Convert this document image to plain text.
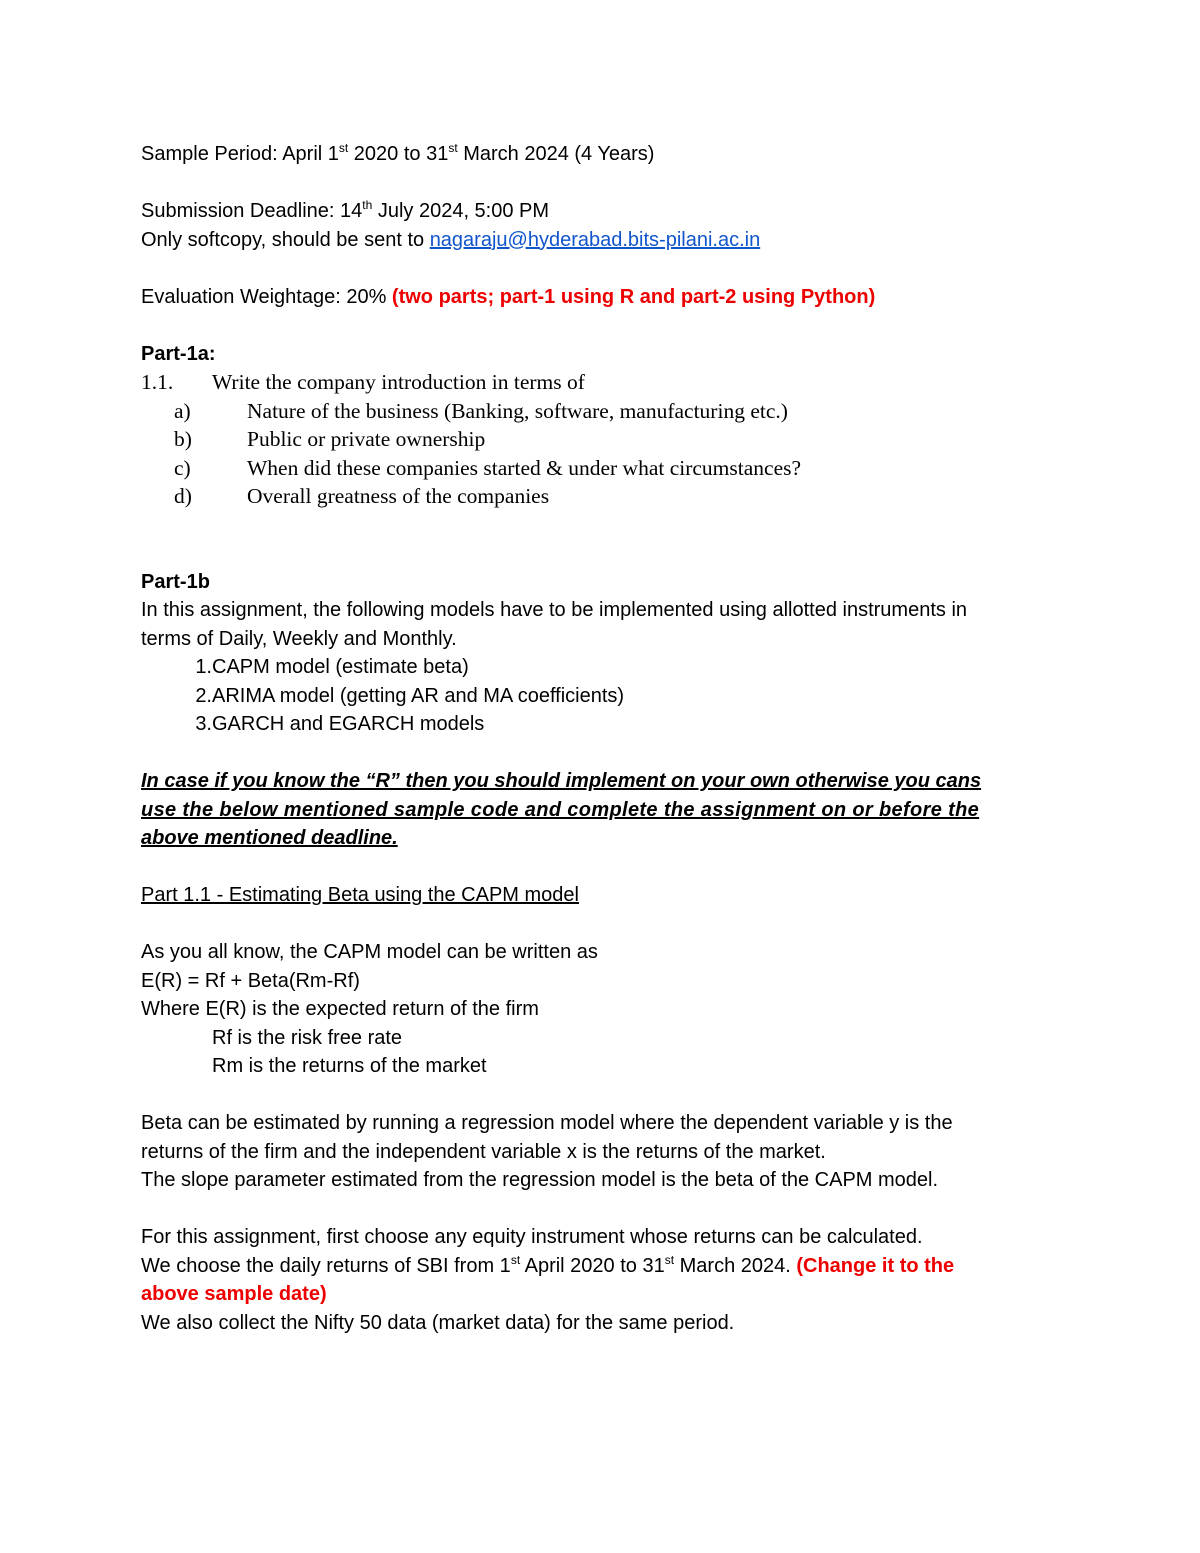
Sample Period: April 1st 2020 to 31st March 2024 (4 Years)

Submission Deadline: 14th July 2024, 5:00 PM

Only softcopy, should be sent to nagaraju@hyderabad.bits-pilani.ac.in

Evaluation Weightage: 20% (two parts; part-1 using R and part-2 using Python)

Part-1a:

1.1.	Write the company introduction in terms of
a)	Nature of the business (Banking, software, manufacturing etc.)
b)	Public or private ownership
c)	When did these companies started & under what circumstances?
d)	Overall greatness of the companies

Part-1b

In this assignment, the following models have to be implemented using allotted instruments in

terms of Daily, Weekly and Monthly.

1. CAPM model (estimate beta)
2. ARIMA model (getting AR and MA coefficients)
3. GARCH and EGARCH models

In case if you know the “R” then you should implement on your own otherwise you cans

use the below mentioned sample code and complete the assignment on or before the

above mentioned deadline.

Part 1.1 - Estimating Beta using the CAPM model

As you all know, the CAPM model can be written as

E(R) = Rf + Beta(Rm-Rf)

Where E(R) is the expected return of the firm

Rf is the risk free rate

Rm is the returns of the market

Beta can be estimated by running a regression model where the dependent variable y is the

returns of the firm and the independent variable x is the returns of the market.

The slope parameter estimated from the regression model is the beta of the CAPM model.

For this assignment, first choose any equity instrument whose returns can be calculated.

We choose the daily returns of SBI from 1st April 2020 to 31st March 2024. (Change it to the

above sample date)

We also collect the Nifty 50 data (market data) for the same period.
